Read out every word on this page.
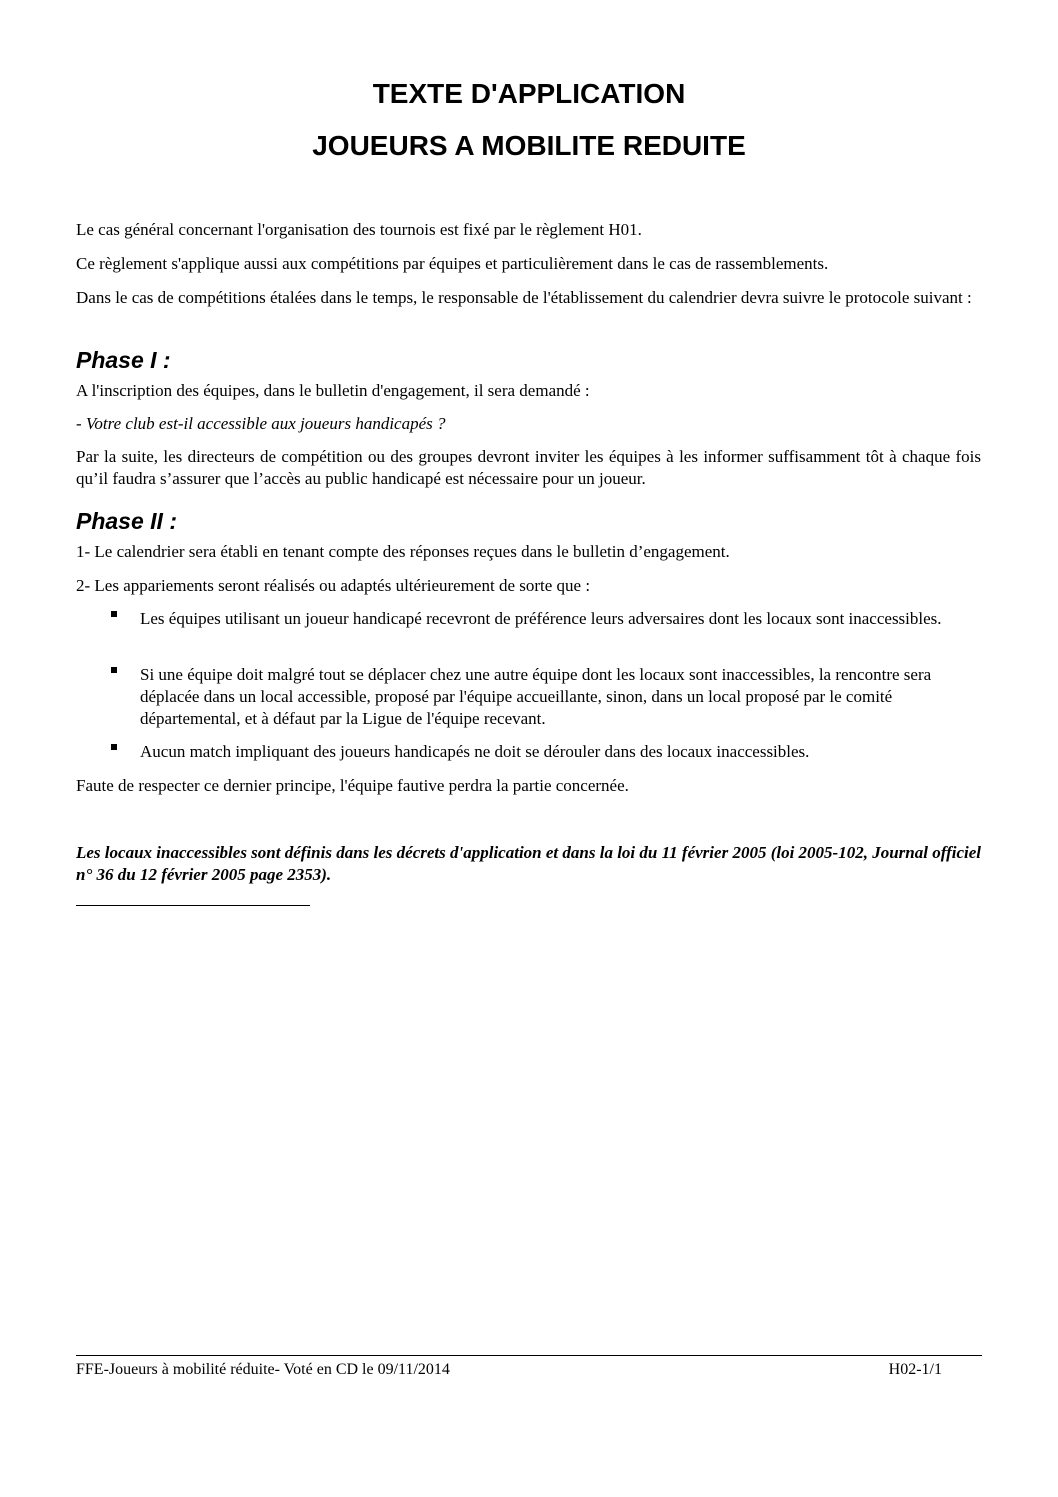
TEXTE D'APPLICATION
JOUEURS A MOBILITE REDUITE

Le cas général concernant l'organisation des tournois est fixé par le règlement H01.

Ce règlement s'applique aussi aux compétitions par équipes et particulièrement dans le cas de rassemblements.

Dans le cas de compétitions étalées dans le temps, le responsable de l'établissement du calendrier devra suivre le protocole suivant :

Phase I :

A l'inscription des équipes, dans le bulletin d'engagement, il sera demandé :

- Votre club est-il accessible aux joueurs handicapés ?

Par la suite, les directeurs de compétition ou des groupes devront inviter les équipes à les informer suffisamment tôt à chaque fois qu’il faudra s’assurer que l’accès au public handicapé est nécessaire pour un joueur.

Phase II :

1- Le calendrier sera établi en tenant compte des réponses reçues dans le bulletin d’engagement.

2- Les appariements seront réalisés ou adaptés ultérieurement de sorte que :

Les équipes utilisant un joueur handicapé recevront de préférence leurs adversaires dont les locaux sont inaccessibles.

Si une équipe doit malgré tout se déplacer chez une autre équipe dont les locaux sont inaccessibles, la rencontre sera déplacée dans un local accessible, proposé par l'équipe accueillante, sinon, dans un local proposé par le comité départemental, et à défaut par la Ligue de l'équipe recevant.

Aucun match impliquant des joueurs handicapés ne doit se dérouler dans des locaux inaccessibles.

Faute de respecter ce dernier principe, l'équipe fautive perdra la partie concernée.

Les locaux inaccessibles sont définis dans les décrets d'application et dans la loi du 11 février 2005 (loi 2005-102, Journal officiel n° 36 du 12 février 2005 page 2353).

FFE-Joueurs à mobilité réduite- Voté en CD le 09/11/2014	H02-1/1
